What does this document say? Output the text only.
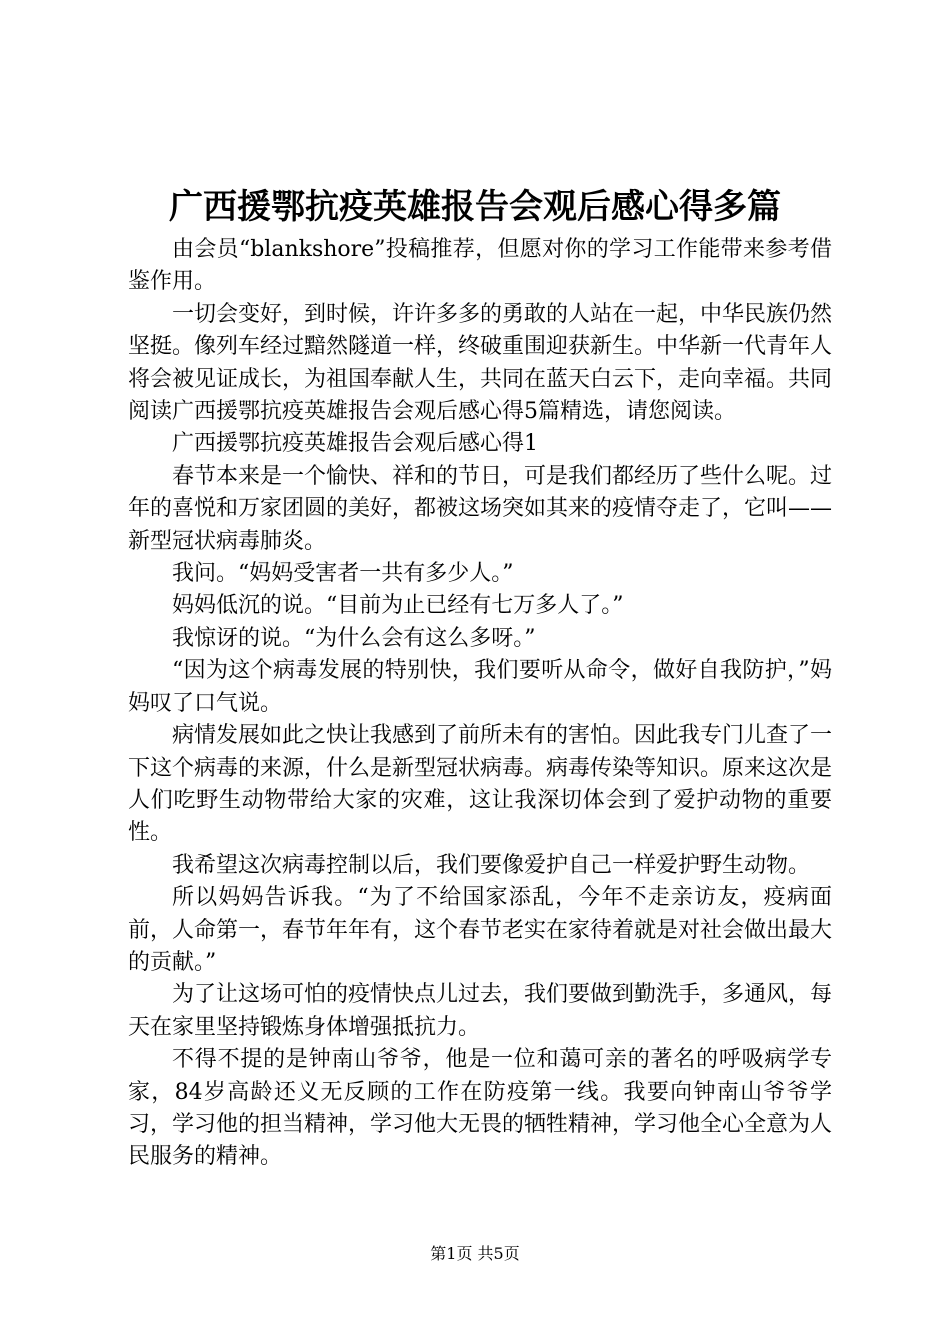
广西援鄂抗疫英雄报告会观后感心得多篇

由会员“blankshore”投稿推荐，但愿对你的学习工作能带来参考借鉴作用。

一切会变好，到时候，许许多多的勇敢的人站在一起，中华民族仍然坚挺。像列车经过黯然隧道一样，终破重围迎获新生。中华新一代青年人将会被见证成长，为祖国奉献人生，共同在蓝天白云下，走向幸福。共同阅读广西援鄂抗疫英雄报告会观后感心得5篇精选，请您阅读。

广西援鄂抗疫英雄报告会观后感心得1

春节本来是一个愉快、祥和的节日，可是我们都经历了些什么呢。过年的喜悦和万家团圆的美好，都被这场突如其来的疫情夺走了，它叫——新型冠状病毒肺炎。

我问。“妈妈受害者一共有多少人。”

妈妈低沉的说。“目前为止已经有七万多人了。”

我惊讶的说。“为什么会有这么多呀。”

“因为这个病毒发展的特别快，我们要听从命令，做好自我防护，”妈妈叹了口气说。

病情发展如此之快让我感到了前所未有的害怕。因此我专门儿查了一下这个病毒的来源，什么是新型冠状病毒。病毒传染等知识。原来这次是人们吃野生动物带给大家的灾难，这让我深切体会到了爱护动物的重要性。

我希望这次病毒控制以后，我们要像爱护自己一样爱护野生动物。

所以妈妈告诉我。“为了不给国家添乱，今年不走亲访友，疫病面前，人命第一，春节年年有，这个春节老实在家待着就是对社会做出最大的贡献。”

为了让这场可怕的疫情快点儿过去，我们要做到勤洗手，多通风，每天在家里坚持锻炼身体增强抵抗力。

不得不提的是钟南山爷爷，他是一位和蔼可亲的著名的呼吸病学专家，84岁高龄还义无反顾的工作在防疫第一线。我要向钟南山爷爷学习，学习他的担当精神，学习他大无畏的牺牲精神，学习他全心全意为人民服务的精神。

第1页 共5页
